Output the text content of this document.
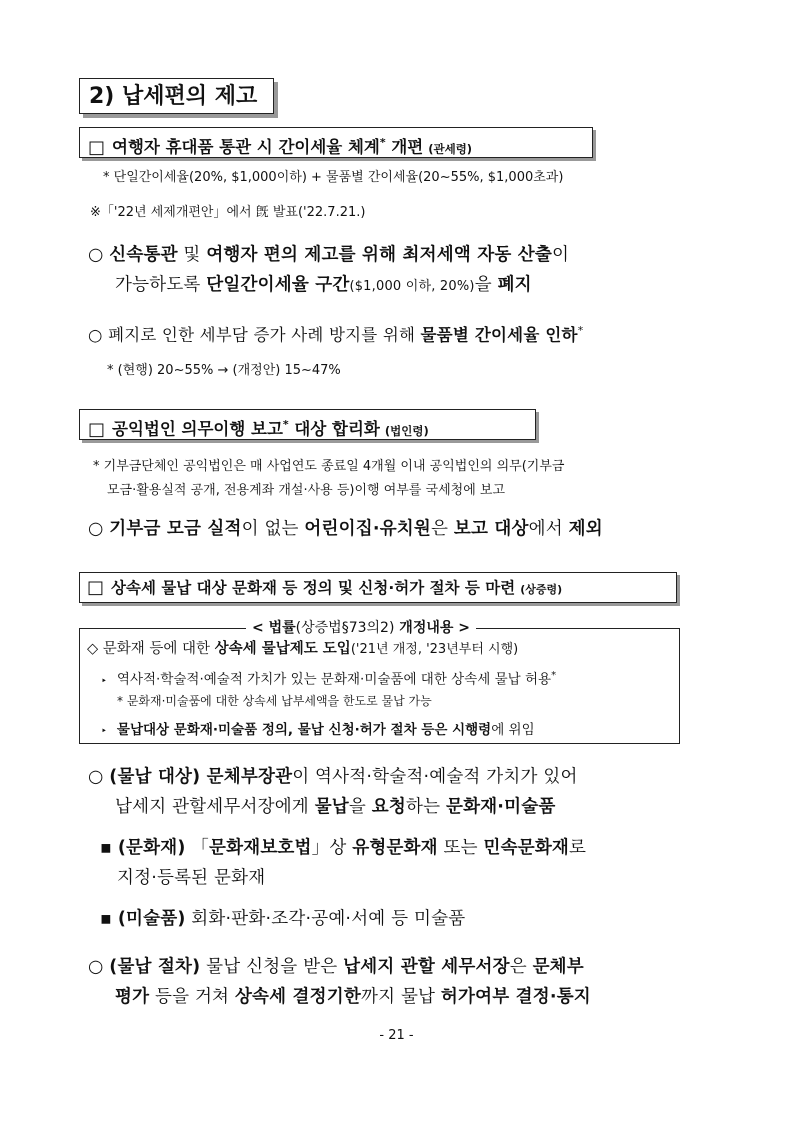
2) 납세편의 제고
□ 여행자 휴대품 통관 시 간이세율 체계* 개편 (관세령)
* 단일간이세율(20%, $1,000이하) + 물품별 간이세율(20~55%, $1,000초과)
※「'22년 세제개편안」에서 旣 발표('22.7.21.)
○ 신속통관 및 여행자 편의 제고를 위해 최저세액 자동 산출이
가능하도록 단일간이세율 구간($1,000 이하, 20%)을 폐지
○ 폐지로 인한 세부담 증가 사례 방지를 위해 물품별 간이세율 인하*
* (현행) 20~55% → (개정안) 15~47%
□ 공익법인 의무이행 보고* 대상 합리화 (법인령)
* 기부금단체인 공익법인은 매 사업연도 종료일 4개월 이내 공익법인의 의무(기부금
모금·활용실적 공개, 전용계좌 개설·사용 등)이행 여부를 국세청에 보고
○ 기부금 모금 실적이 없는 어린이집·유치원은 보고 대상에서 제외
□ 상속세 물납 대상 문화재 등 정의 및 신청·허가 절차 등 마련 (상증령)
< 법률(상증법§73의2) 개정내용 >
◇ 문화재 등에 대한 상속세 물납제도 도입('21년 개정, '23년부터 시행)
‣ 역사적·학술적·예술적 가치가 있는 문화재·미술품에 대한 상속세 물납 허용*
* 문화재·미술품에 대한 상속세 납부세액을 한도로 물납 가능
‣ 물납대상 문화재·미술품 정의, 물납 신청·허가 절차 등은 시행령에 위임
○ (물납 대상) 문체부장관이 역사적·학술적·예술적 가치가 있어
납세지 관할세무서장에게 물납을 요청하는 문화재·미술품
▪ (문화재) 「문화재보호법」상 유형문화재 또는 민속문화재로
지정·등록된 문화재
▪ (미술품) 회화·판화·조각·공예·서예 등 미술품
○ (물납 절차) 물납 신청을 받은 납세지 관할 세무서장은 문체부
평가 등을 거쳐 상속세 결정기한까지 물납 허가여부 결정·통지
- 21 -
